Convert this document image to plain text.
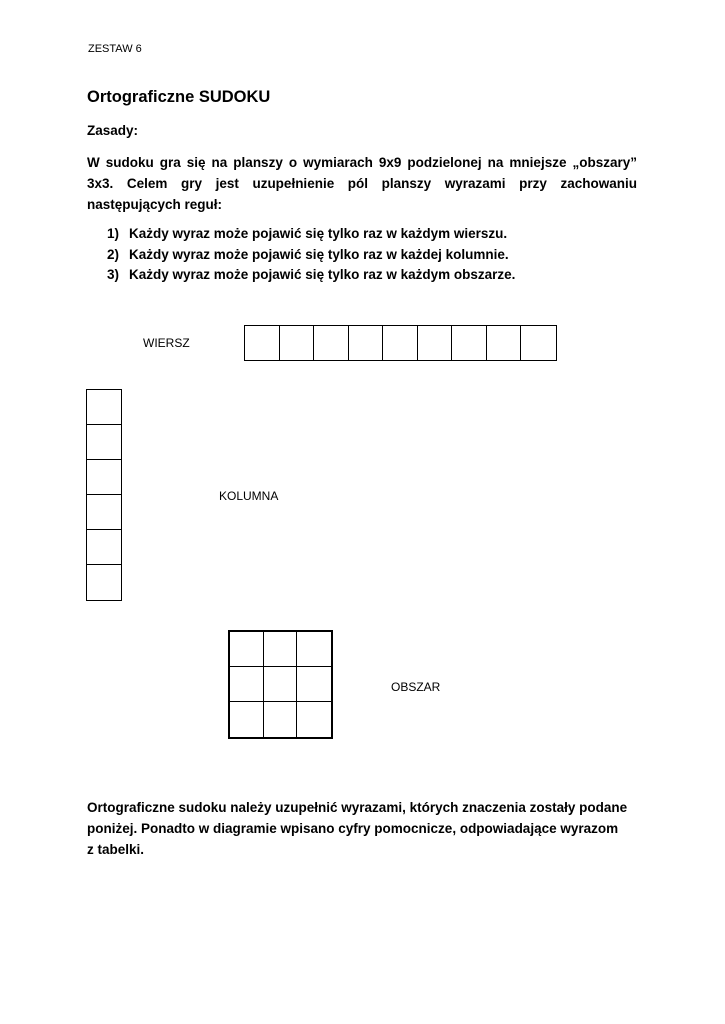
ZESTAW 6
Ortograficzne SUDOKU
Zasady:

W sudoku gra się na planszy o wymiarach 9x9 podzielonej na mniejsze „obszary” 3x3. Celem gry jest uzupełnienie pól planszy wyrazami przy zachowaniu następujących reguł:

1) Każdy wyraz może pojawić się tylko raz w każdym wierszu.
2) Każdy wyraz może pojawić się tylko raz w każdej kolumnie.
3) Każdy wyraz może pojawić się tylko raz w każdym obszarze.
WIERSZ
KOLUMNA
OBSZAR

Ortograficzne sudoku należy uzupełnić wyrazami, których znaczenia zostały podane
poniżej. Ponadto w diagramie wpisano cyfry pomocnicze, odpowiadające wyrazom
z tabelki.
